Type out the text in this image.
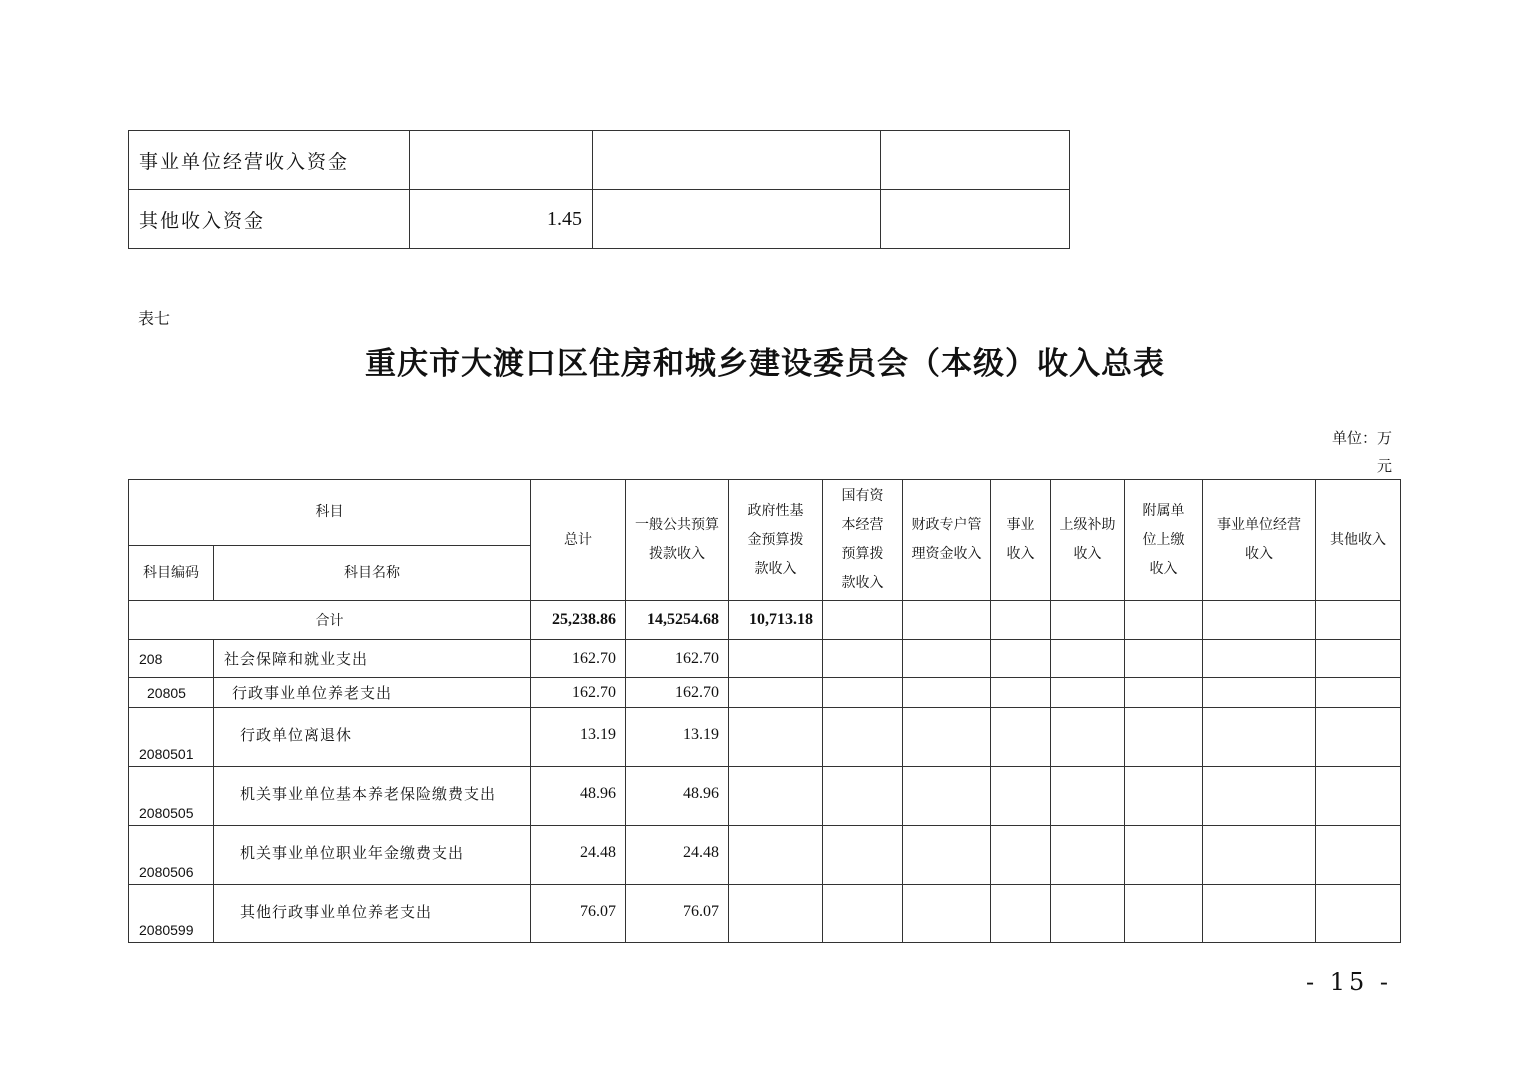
事业单位经营收入资金			
其他收入资金	1.45		
表七
重庆市大渡口区住房和城乡建设委员会（本级）收入总表
单位：万元
科目		总计	一般公共预算拨款收入	政府性基金预算拨款收入	国有资本经营预算拨款收入	财政专户管理资金收入	事业收入	上级补助收入	附属单位上缴收入	事业单位经营收入	其他收入
科目编码	科目名称										
合计		25,238.86	14,5254.68	10,713.18							
208	社会保障和就业支出	162.70	162.70								
20805	行政事业单位养老支出	162.70	162.70								
2080501	行政单位离退休	13.19	13.19								
2080505	机关事业单位基本养老保险缴费支出	48.96	48.96								
2080506	机关事业单位职业年金缴费支出	24.48	24.48								
2080599	其他行政事业单位养老支出	76.07	76.07								
- 15 -
